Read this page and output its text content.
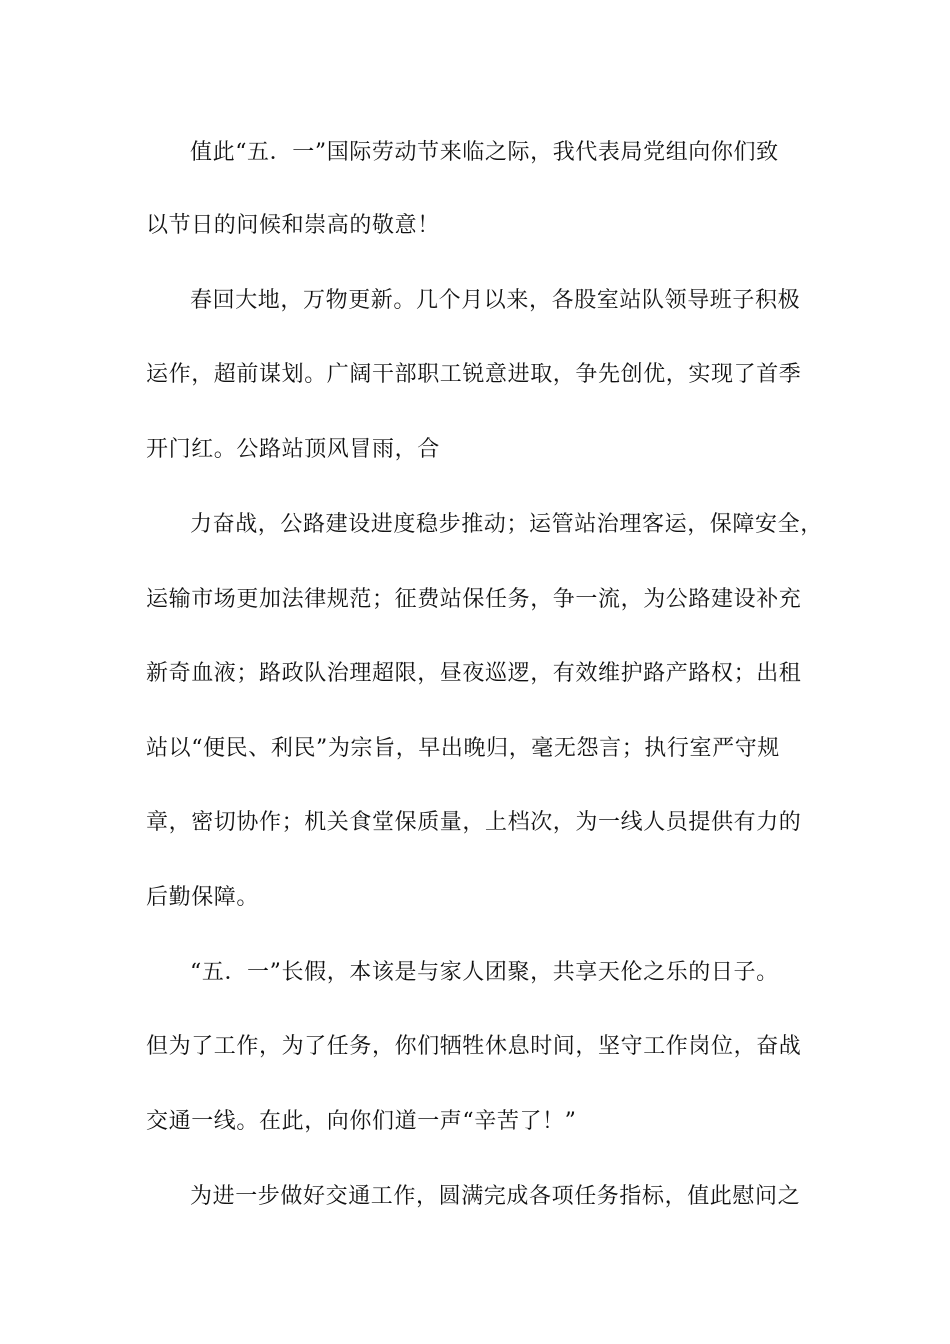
值此“五．一”国际劳动节来临之际，我代表局党组向你们致
以节日的问候和崇高的敬意！
春回大地，万物更新。几个月以来，各股室站队领导班子积极
运作，超前谋划。广阔干部职工锐意进取，争先创优，实现了首季
开门红。公路站顶风冒雨，合
力奋战，公路建设进度稳步推动；运管站治理客运，保障安全，
运输市场更加法律规范；征费站保任务，争一流，为公路建设补充
新奇血液；路政队治理超限，昼夜巡逻，有效维护路产路权；出租
站以“便民、利民”为宗旨，早出晚归，毫无怨言；执行室严守规
章，密切协作；机关食堂保质量，上档次，为一线人员提供有力的
后勤保障。
“五．一”长假，本该是与家人团聚，共享天伦之乐的日子。
但为了工作，为了任务，你们牺牲休息时间，坚守工作岗位，奋战
交通一线。在此，向你们道一声“辛苦了！”
为进一步做好交通工作，圆满完成各项任务指标，值此慰问之
